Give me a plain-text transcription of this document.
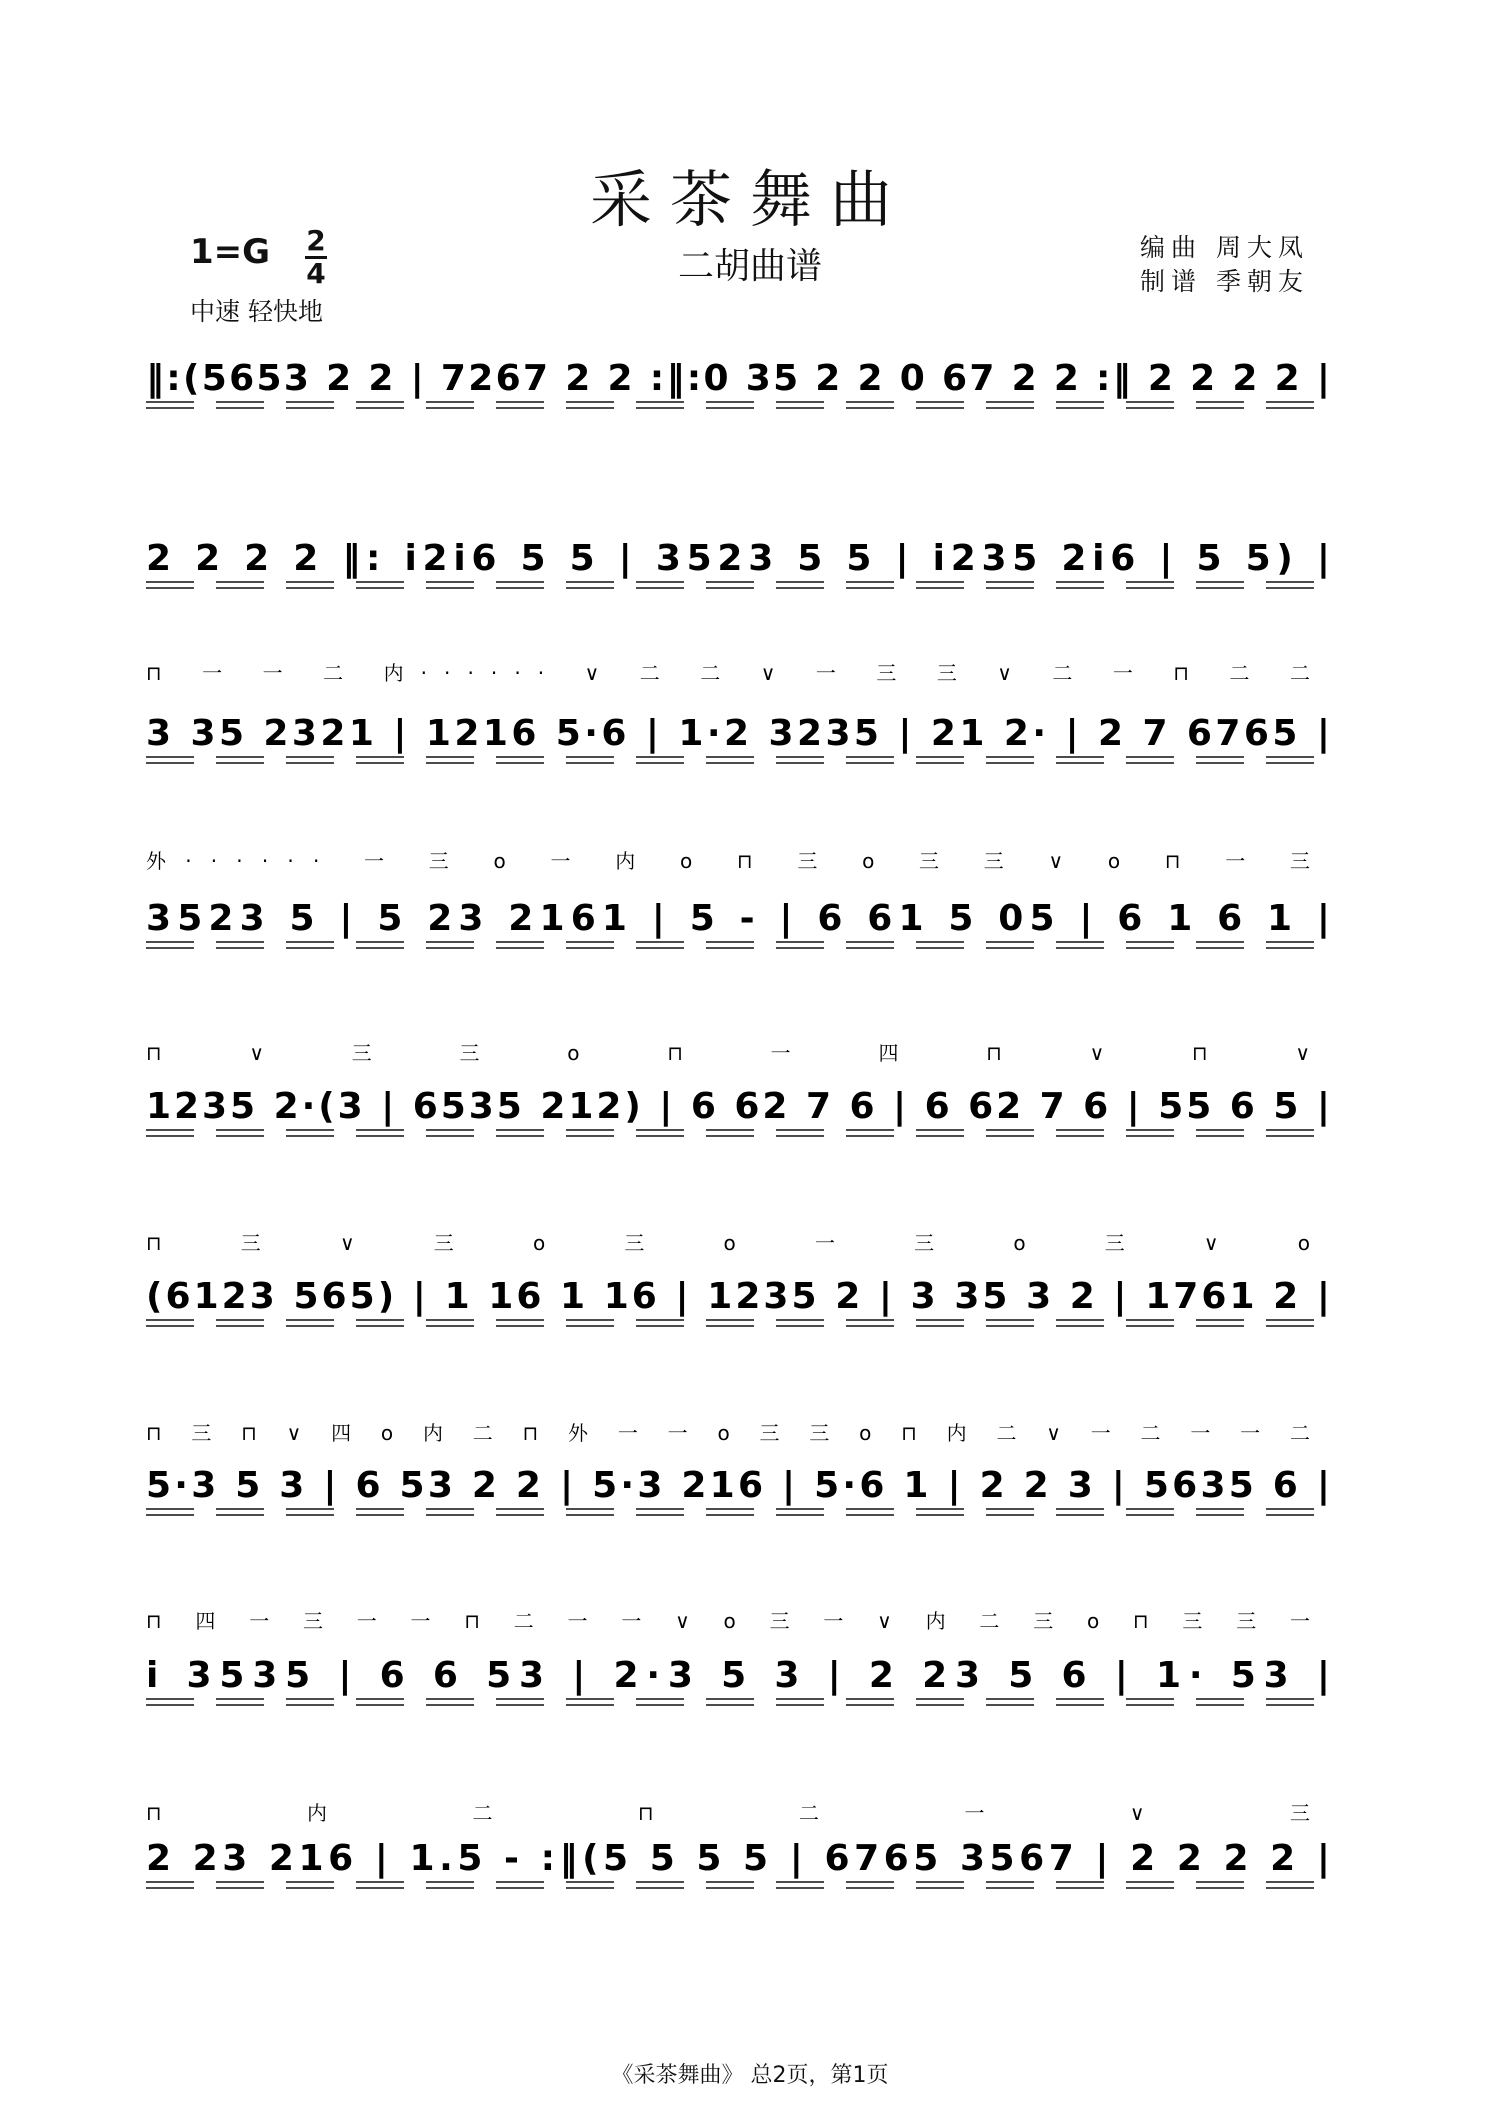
采茶舞曲
二胡曲谱
1=G 2
4
中速 轻快地
编曲 周大凤
制谱 季朝友
‖:(5653 2 2 | 7267 2 2 :‖:0 35 2 2 0 67 2 2 :‖ 2 2 2 2 |
2 2 2 2 ‖: i2i6 5 5 | 3523 5 5 | i235 2i6 | 5 5) |
3 35 2321 | 1216 5·6 | 1·2 3235 | 21 2· | 2 7 6765 |
⊓ 一 一 二 内······ ∨ 二 二 ∨ 一 三 三 ∨ 二 一 ⊓ 二 二
3523 5 | 5 23 2161 | 5 - | 6 61 5 05 | 6 1 6 1 |
外······ 一 三 o 一 内 o ⊓ 三 o 三 三 ∨ o ⊓ 一 三
1235 2·(3 | 6535 212) | 6 62 7 6 | 6 62 7 6 | 55 6 5 |
⊓ ∨ 三 三 o ⊓ 一 四 ⊓ ∨ ⊓ ∨
(6123 565) | 1 16 1 16 | 1235 2 | 3 35 3 2 | 1761 2 |
⊓ 三 ∨ 三 o 三 o 一 三 o 三 ∨ o
5·3 5 3 | 6 53 2 2 | 5·3 216 | 5·6 1 | 2 2 3 | 5635 6 |
⊓ 三 ⊓ ∨ 四 o 内 二 ⊓ 外 一 一 o 三 三 o ⊓ 内 二 ∨ 一 二 一 一 二
i 3535 | 6 6 53 | 2·3 5 3 | 2 23 5 6 | 1· 53 |
⊓ 四 一 三 一 一 ⊓ 二 一 一 ∨ o 三 一 ∨ 内 二 三 o ⊓ 三 三 一
2 23 216 | 1.5 - :‖(5 5 5 5 | 6765 3567 | 2 2 2 2 |
⊓ 内 二 ⊓ 二 一 ∨ 三
《采茶舞曲》 总2页，第1页
